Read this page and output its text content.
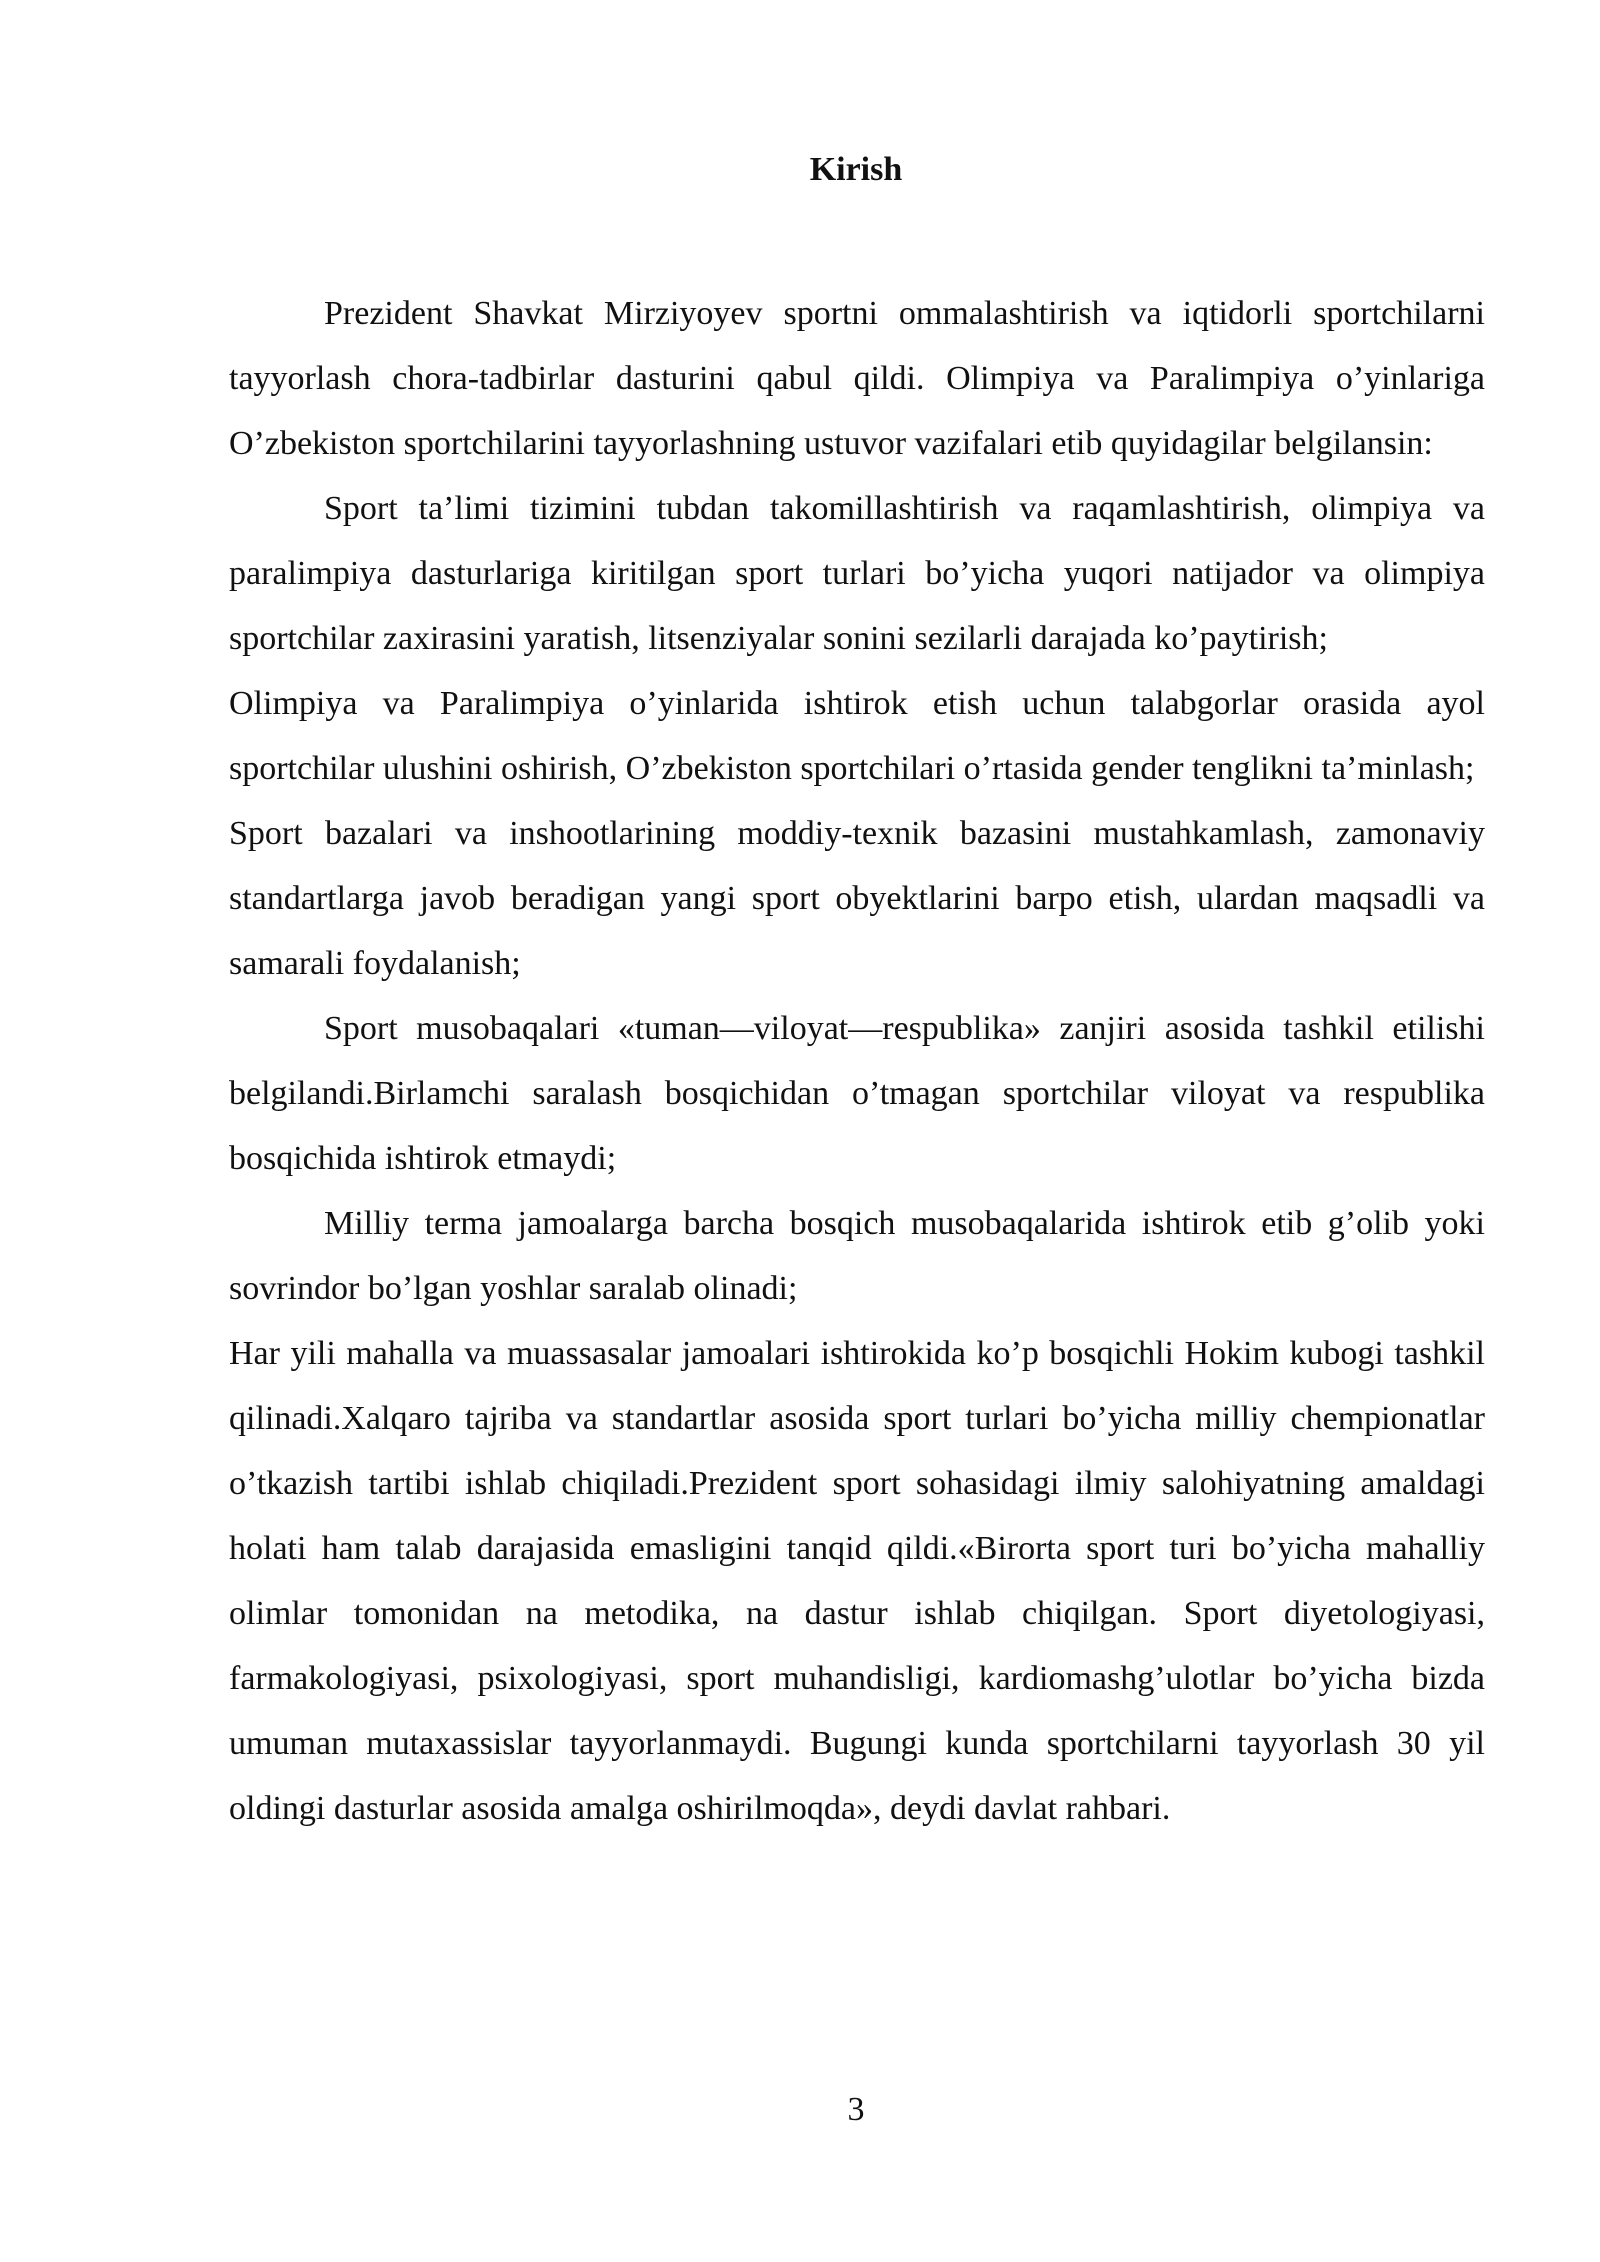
Kirish

Prezident Shavkat Mirziyoyev sportni ommalashtirish va iqtidorli sportchilarni tayyorlash chora-tadbirlar dasturini qabul qildi. Olimpiya va Paralimpiya o’yinlariga O’zbekiston sportchilarini tayyorlashning ustuvor vazifalari etib quyidagilar belgilansin:

Sport ta’limi tizimini tubdan takomillashtirish va raqamlashtirish, olimpiya va paralimpiya dasturlariga kiritilgan sport turlari bo’yicha yuqori natijador va olimpiya sportchilar zaxirasini yaratish, litsenziyalar sonini sezilarli darajada ko’paytirish;

Olimpiya va Paralimpiya o’yinlarida ishtirok etish uchun talabgorlar orasida ayol sportchilar ulushini oshirish, O’zbekiston sportchilari o’rtasida gender tenglikni ta’minlash;

Sport bazalari va inshootlarining moddiy-texnik bazasini mustahkamlash, zamonaviy standartlarga javob beradigan yangi sport obyektlarini barpo etish, ulardan maqsadli va samarali foydalanish;

Sport musobaqalari «tuman—viloyat—respublika» zanjiri asosida tashkil etilishi belgilandi.Birlamchi saralash bosqichidan o’tmagan sportchilar viloyat va respublika bosqichida ishtirok etmaydi;

Milliy terma jamoalarga barcha bosqich musobaqalarida ishtirok etib g’olib yoki sovrindor bo’lgan yoshlar saralab olinadi;

Har yili mahalla va muassasalar jamoalari ishtirokida ko’p bosqichli Hokim kubogi tashkil qilinadi.Xalqaro tajriba va standartlar asosida sport turlari bo’yicha milliy chempionatlar o’tkazish tartibi ishlab chiqiladi.Prezident sport sohasidagi ilmiy salohiyatning amaldagi holati ham talab darajasida emasligini tanqid qildi.«Birorta sport turi bo’yicha mahalliy olimlar tomonidan na metodika, na dastur ishlab chiqilgan. Sport diyetologiyasi, farmakologiyasi, psixologiyasi, sport muhandisligi, kardiomashg’ulotlar bo’yicha bizda umuman mutaxassislar tayyorlanmaydi. Bugungi kunda sportchilarni tayyorlash 30 yil oldingi dasturlar asosida amalga oshirilmoqda», deydi davlat rahbari.

3
